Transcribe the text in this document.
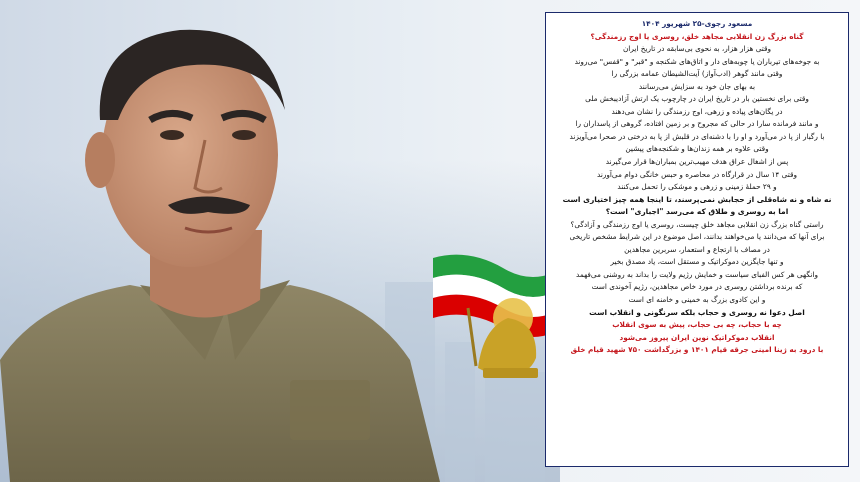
مسعود رجوی-۲۵ شهریور ۱۴۰۴
گناه بزرگ زن انقلابی مجاهد خلق، روسری یا اوج رزمندگی؟
وقتی هزار هزار، به نحوی بی‌سابقه در تاریخ ایران
به جوخه‌های تیرباران یا چوبه‌های دار و اتاق‌های شکنجه و "قبر" و "قفس" می‌روند
وقتی مانند گوهر (ادب‌آواز) آیت‌الشیطان عمامه بزرگی را
به بهای جان خود به سزایش می‌رسانند
وقتی برای نخستین بار در تاریخ ایران در چارچوب یک ارتش آزادیبخش ملی
در یگان‌های پیاده و زرهی، اوج رزمندگی را نشان می‌دهند
و مانند فرمانده سارا در حالی که مجروح و بر زمین افتاده، گروهی از پاسداران را
با رگبار از پا در می‌آورد و او را با دشنه‌ای در قلبش از پا به درختی در صحرا می‌آویزند
وقتی علاوه بر همه زندان‌ها و شکنجه‌های پیشین
پس از اشغال عراق هدف مهیب‌ترین بمباران‌ها قرار می‌گیرند
وقتی ۱۴ سال در قرارگاه در محاصره و حبس خانگی دوام می‌آورند
و ۲۹ حملهٔ زمینی و زرهی و موشکی را تحمل می‌کنند
نه شاه و نه شاه‌قلی از حجابش نمی‌پرسند، تا اینجا همه چیز اختیاری است
اما به روسری و طلاق که می‌رسد "اجباری" است؟
راستی گناه بزرگ زن انقلابی مجاهد خلق چیست، روسری یا اوج رزمندگی و آزادگی؟
برای آنها که می‌دانند یا می‌خواهند بدانند، اصل موضوع در این شرایط مشخص تاریخی
در مصاف با ارتجاع و استعمار، سربرین مجاهدین
و تنها جایگزین دموکراتیک و مستقل است، یاد مصدق بخیر
وانگهی هر کس الفبای سیاست و خمایش رژیم ولایت را بداند به روشنی می‌فهمد
که برنده برداشتن روسری در مورد خاص مجاهدین، رژیم آخوندی است
و این کادوی بزرگ به خمینی و خامنه ای است
اصل دعوا نه روسری و حجاب بلکه سرنگونی و انقلاب است
چه با حجاب، چه بی حجاب، پیش به سوی انقلاب
انقلاب دموکراتیک نوین ایران پیروز می‌شود
با درود به ژینا امینی جرقه قیام ۱۴۰۱ و بزرگداشت ۷۵۰ شهید قیام خلق
